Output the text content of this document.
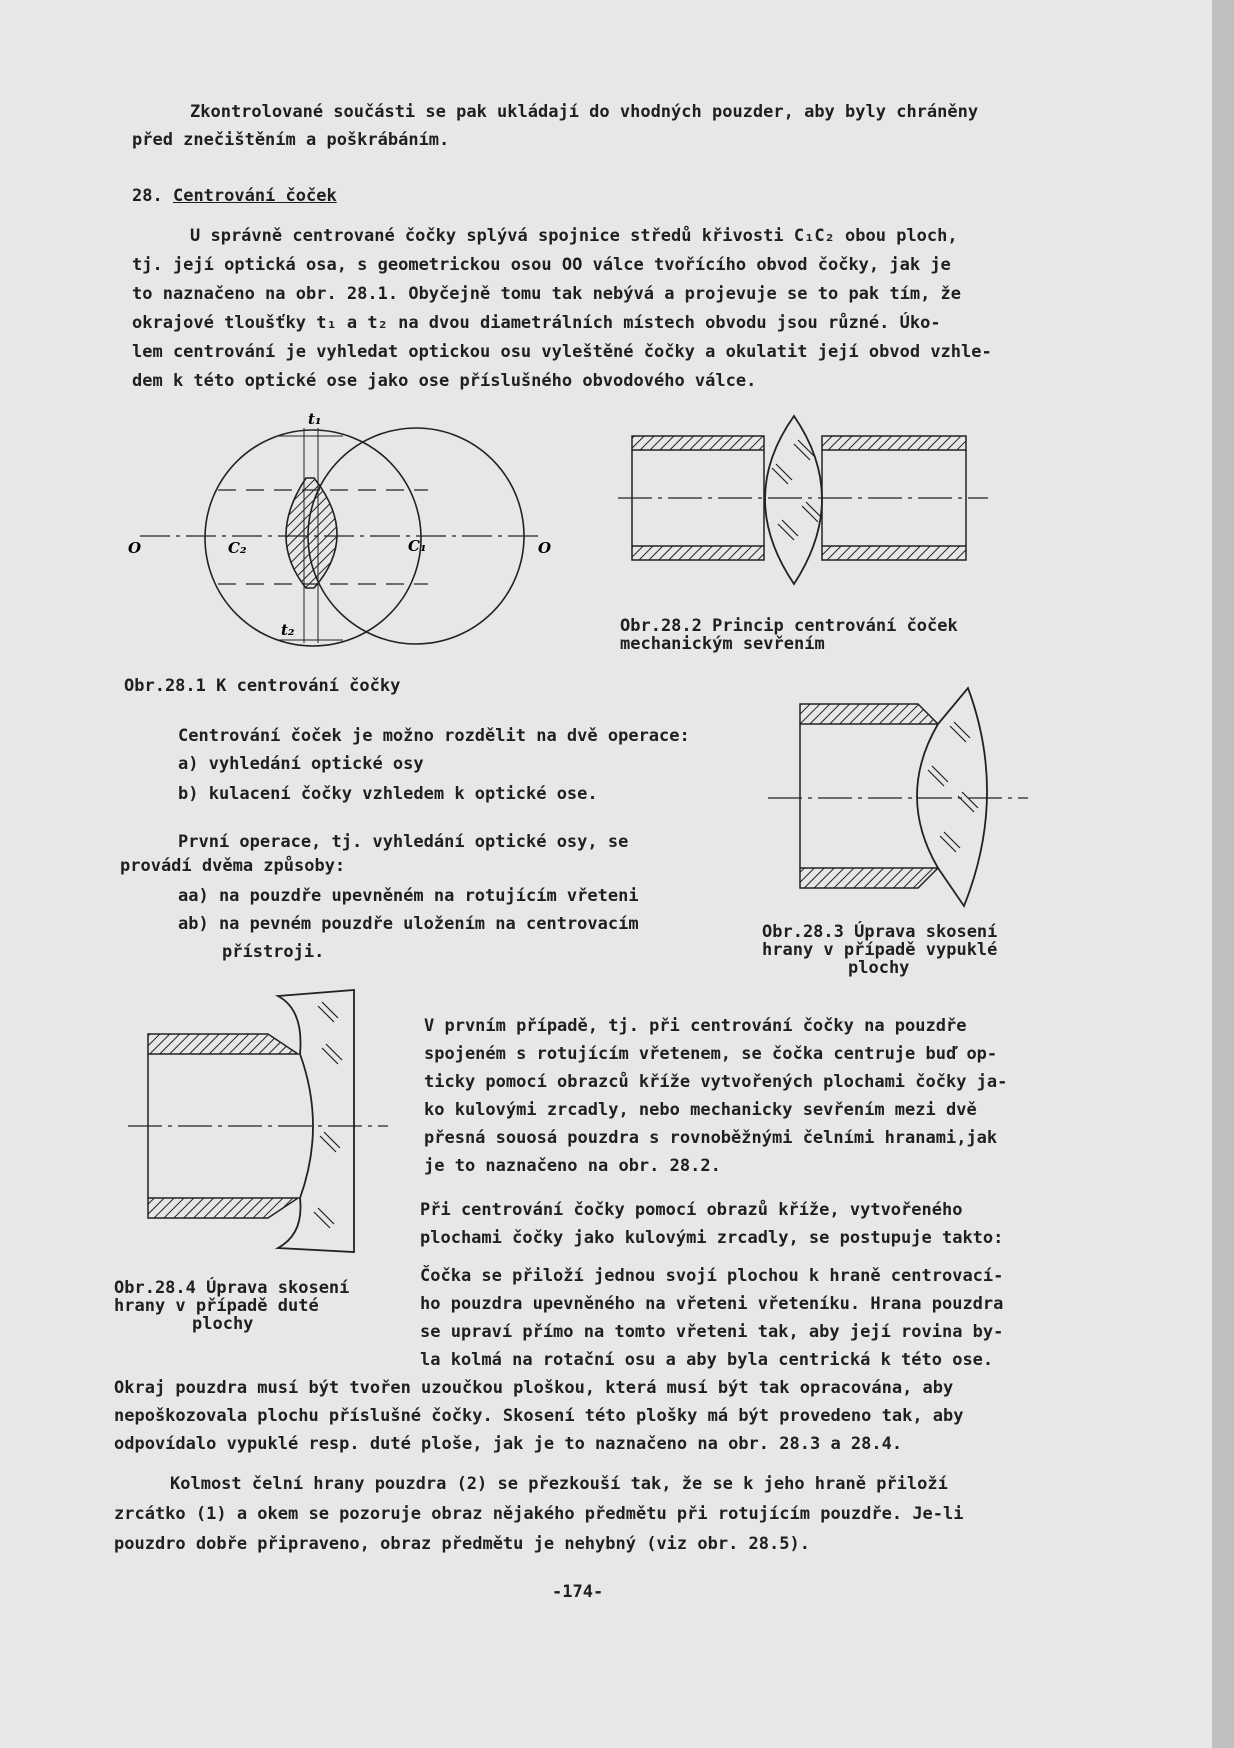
Zkontrolované součásti se pak ukládají do vhodných pouzder, aby byly chráněny
před znečištěním a poškrábáním.
28. Centrování čoček
U správně centrované čočky splývá spojnice středů křivosti C₁C₂ obou ploch,
tj. její optická osa, s geometrickou osou OO válce tvořícího obvod čočky, jak je
to naznačeno na obr. 28.1. Obyčejně tomu tak nebývá a projevuje se to pak tím, že
okrajové tloušťky t₁ a t₂ na dvou diametrálních místech obvodu jsou různé. Úko-
lem centrování je vyhledat optickou osu vyleštěné čočky a okulatit její obvod vzhle-
dem k této optické ose jako ose příslušného obvodového válce.
t₁
t₂
C₂	C₁
O	O
Obr.28.1 K centrování čočky
Obr.28.2 Princip centrování čoček
mechanickým sevřením
Centrování čoček je možno rozdělit na dvě operace:
a) vyhledání optické osy
b) kulacení čočky vzhledem k optické ose.
První operace, tj. vyhledání optické osy, se
provádí dvěma způsoby:
aa) na pouzdře upevněném na rotujícím vřeteni
ab) na pevném pouzdře uložením na centrovacím
přístroji.
Obr.28.3 Úprava skosení
hrany v případě vypuklé
plochy
Obr.28.4 Úprava skosení
hrany v případě duté
plochy
V prvním případě, tj. při centrování čočky na pouzdře
spojeném s rotujícím vřetenem, se čočka centruje buď op-
ticky pomocí obrazců kříže vytvořených plochami čočky ja-
ko kulovými zrcadly, nebo mechanicky sevřením mezi dvě
přesná souosá pouzdra s rovnoběžnými čelními hranami,jak
je to naznačeno na obr. 28.2.
Při centrování čočky pomocí obrazů kříže, vytvořeného
plochami čočky jako kulovými zrcadly, se postupuje takto:
Čočka se přiloží jednou svojí plochou k hraně centrovací-
ho pouzdra upevněného na vřeteni vřeteníku. Hrana pouzdra
se upraví přímo na tomto vřeteni tak, aby její rovina by-
la kolmá na rotační osu a aby byla centrická k této ose.
Okraj pouzdra musí být tvořen uzoučkou ploškou, která musí být tak opracována, aby
nepoškozovala plochu příslušné čočky. Skosení této plošky má být provedeno tak, aby
odpovídalo vypuklé resp. duté ploše, jak je to naznačeno na obr. 28.3 a 28.4.
Kolmost čelní hrany pouzdra (2) se přezkouší tak, že se k jeho hraně přiloží
zrcátko (1) a okem se pozoruje obraz nějakého předmětu při rotujícím pouzdře. Je-li
pouzdro dobře připraveno, obraz předmětu je nehybný (viz obr. 28.5).
-174-
